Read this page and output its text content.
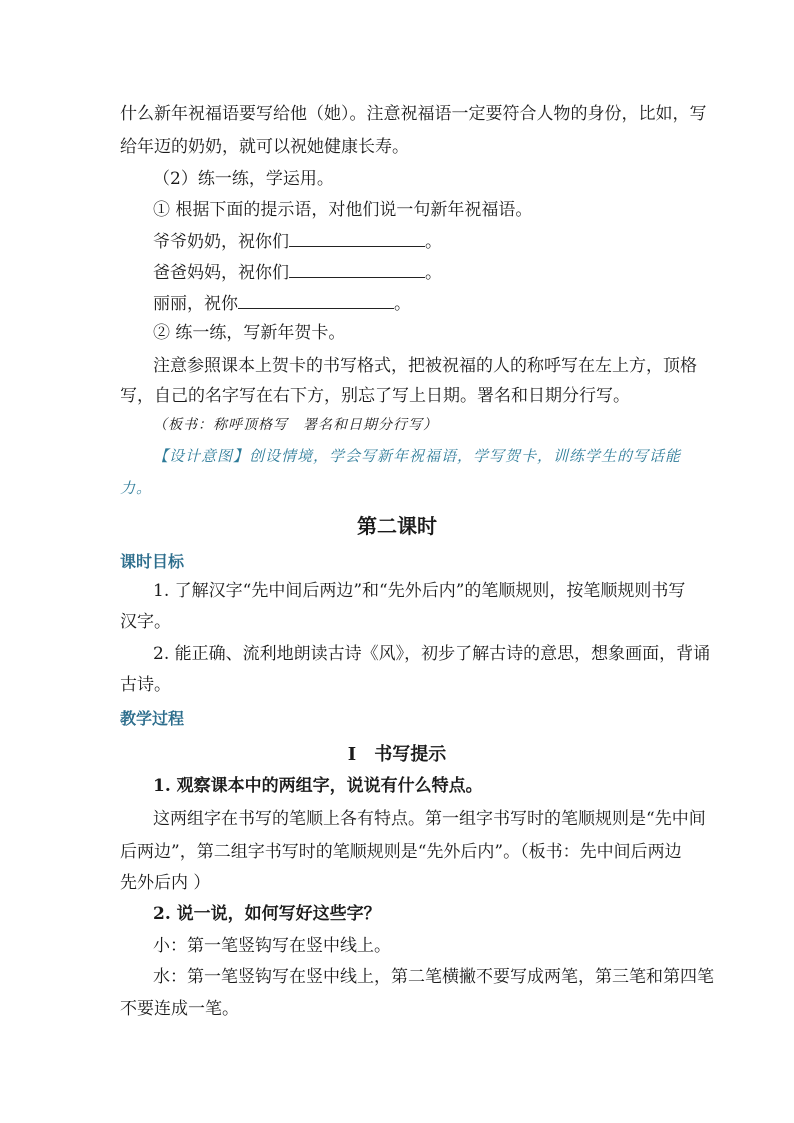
什么新年祝福语要写给他（她）。注意祝福语一定要符合人物的身份，比如，写
给年迈的奶奶，就可以祝她健康长寿。
（2）练一练，学运用。
① 根据下面的提示语，对他们说一句新年祝福语。
爷爷奶奶，祝你们	。
爸爸妈妈，祝你们	。
丽丽，祝你	。
② 练一练，写新年贺卡。
注意参照课本上贺卡的书写格式，把被祝福的人的称呼写在左上方，顶格
写，自己的名字写在右下方，别忘了写上日期。署名和日期分行写。
（板书：称呼顶格写　署名和日期分行写）
【设计意图】创设情境，学会写新年祝福语，学写贺卡，训练学生的写话能
力。
第二课时
课时目标
1. 了解汉字“先中间后两边”和“先外后内”的笔顺规则，按笔顺规则书写
汉字。
2. 能正确、流利地朗读古诗《风》，初步了解古诗的意思，想象画面，背诵
古诗。
教学过程
Ⅰ　书写提示
1. 观察课本中的两组字，说说有什么特点。
这两组字在书写的笔顺上各有特点。第一组字书写时的笔顺规则是“先中间
后两边”，第二组字书写时的笔顺规则是“先外后内”。（板书：先中间后两边
先外后内 ）
2. 说一说，如何写好这些字？
小：第一笔竖钩写在竖中线上。
水：第一笔竖钩写在竖中线上，第二笔横撇不要写成两笔，第三笔和第四笔
不要连成一笔。
